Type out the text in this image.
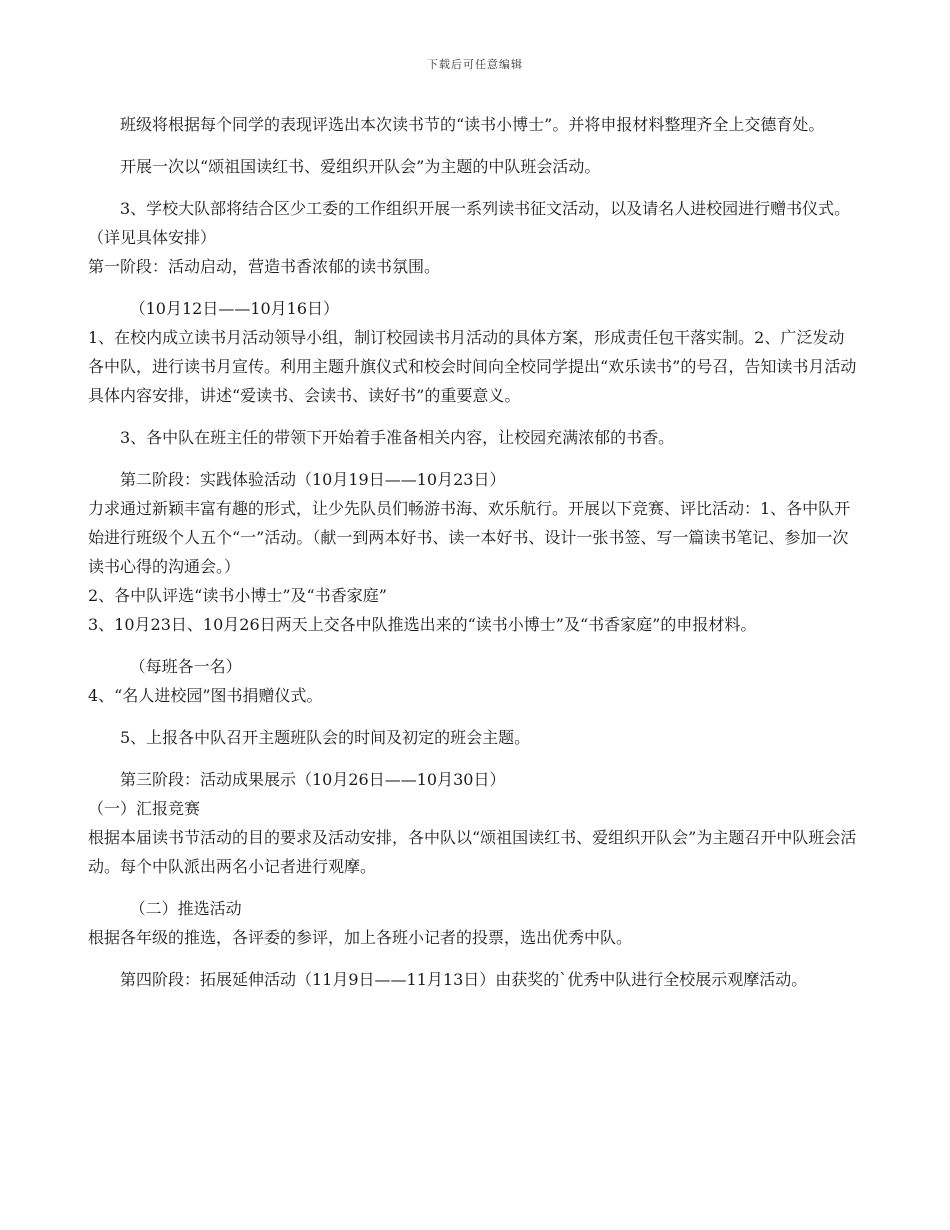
下载后可任意编辑

班级将根据每个同学的表现评选出本次读书节的“读书小博士”。并将申报材料整理齐全上交德育处。

开展一次以“颂祖国读红书、爱组织开队会”为主题的中队班会活动。

3、学校大队部将结合区少工委的工作组织开展一系列读书征文活动，以及请名人进校园进行赠书仪式。（详见具体安排）

第一阶段：活动启动，营造书香浓郁的读书氛围。

（10月12日——10月16日）

1、在校内成立读书月活动领导小组，制订校园读书月活动的具体方案，形成责任包干落实制。2、广泛发动各中队，进行读书月宣传。利用主题升旗仪式和校会时间向全校同学提出“欢乐读书”的号召，告知读书月活动具体内容安排，讲述“爱读书、会读书、读好书”的重要意义。

3、各中队在班主任的带领下开始着手准备相关内容，让校园充满浓郁的书香。

第二阶段：实践体验活动（10月19日——10月23日）

力求通过新颖丰富有趣的形式，让少先队员们畅游书海、欢乐航行。开展以下竞赛、评比活动：1、各中队开始进行班级个人五个“一”活动。（献一到两本好书、读一本好书、设计一张书签、写一篇读书笔记、参加一次读书心得的沟通会。）

2、各中队评选“读书小博士”及“书香家庭”

3、10月23日、10月26日两天上交各中队推选出来的“读书小博士”及“书香家庭”的申报材料。

（每班各一名）

4、“名人进校园”图书捐赠仪式。

5、上报各中队召开主题班队会的时间及初定的班会主题。

第三阶段：活动成果展示（10月26日——10月30日）

（一）汇报竞赛

根据本届读书节活动的目的要求及活动安排，各中队以“颂祖国读红书、爱组织开队会”为主题召开中队班会活动。每个中队派出两名小记者进行观摩。

（二）推选活动

根据各年级的推选，各评委的参评，加上各班小记者的投票，选出优秀中队。

第四阶段：拓展延伸活动（11月9日——11月13日）由获奖的`优秀中队进行全校展示观摩活动。
